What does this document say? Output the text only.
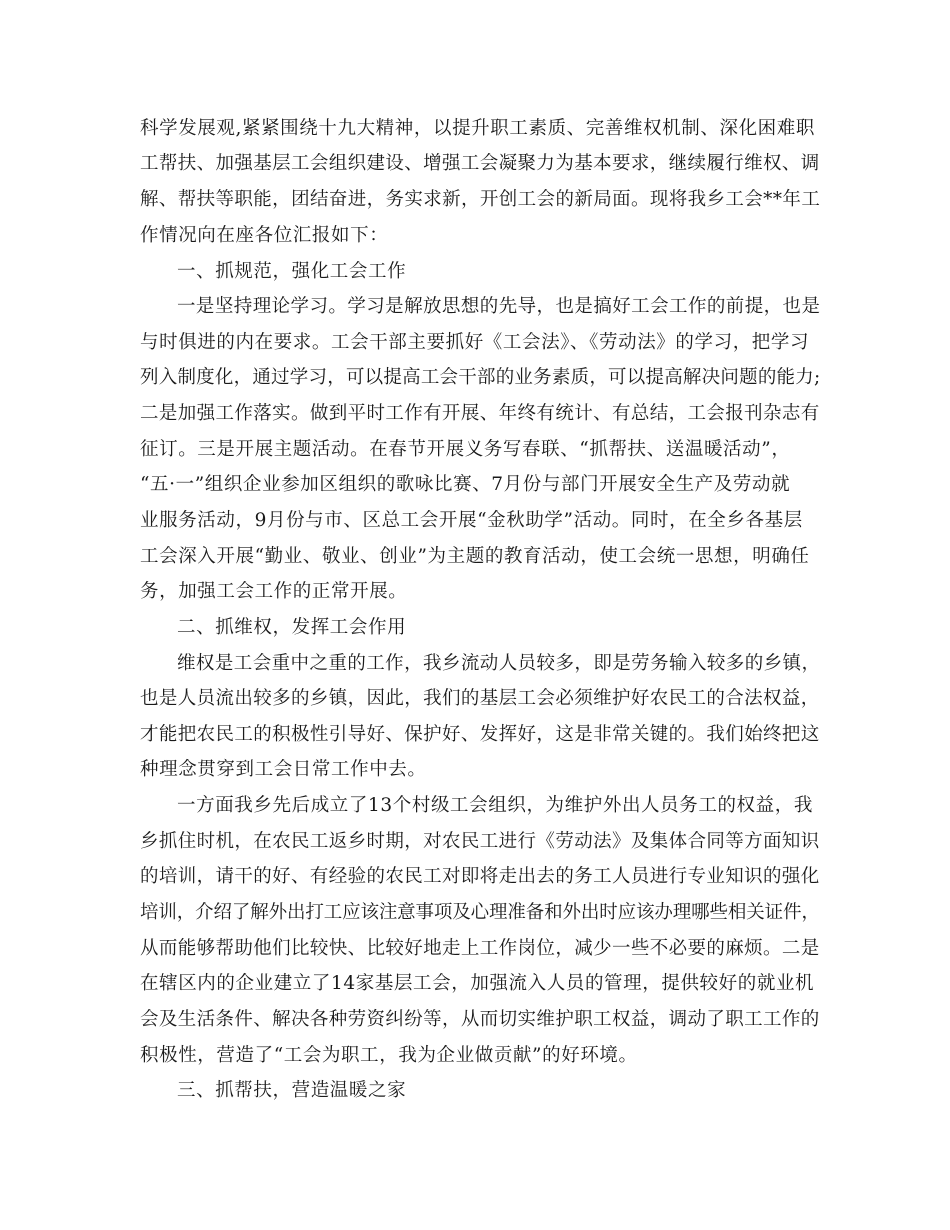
科学发展观,紧紧围绕十九大精神，以提升职工素质、完善维权机制、深化困难职
工帮扶、加强基层工会组织建设、增强工会凝聚力为基本要求，继续履行维权、调
解、帮扶等职能，团结奋进，务实求新，开创工会的新局面。现将我乡工会**年工
作情况向在座各位汇报如下：
一、抓规范，强化工会工作
一是坚持理论学习。学习是解放思想的先导，也是搞好工会工作的前提，也是
与时俱进的内在要求。工会干部主要抓好《工会法》、《劳动法》的学习，把学习
列入制度化，通过学习，可以提高工会干部的业务素质，可以提高解决问题的能力;
二是加强工作落实。做到平时工作有开展、年终有统计、有总结，工会报刊杂志有
征订。三是开展主题活动。在春节开展义务写春联、“抓帮扶、送温暖活动”，
“五·一”组织企业参加区组织的歌咏比赛、7月份与部门开展安全生产及劳动就
业服务活动，9月份与市、区总工会开展“金秋助学”活动。同时，在全乡各基层
工会深入开展“勤业、敬业、创业”为主题的教育活动，使工会统一思想，明确任
务，加强工会工作的正常开展。
二、抓维权，发挥工会作用
维权是工会重中之重的工作，我乡流动人员较多，即是劳务输入较多的乡镇，
也是人员流出较多的乡镇，因此，我们的基层工会必须维护好农民工的合法权益，
才能把农民工的积极性引导好、保护好、发挥好，这是非常关键的。我们始终把这
种理念贯穿到工会日常工作中去。
一方面我乡先后成立了13个村级工会组织，为维护外出人员务工的权益，我
乡抓住时机，在农民工返乡时期，对农民工进行《劳动法》及集体合同等方面知识
的培训，请干的好、有经验的农民工对即将走出去的务工人员进行专业知识的强化
培训，介绍了解外出打工应该注意事项及心理准备和外出时应该办理哪些相关证件，
从而能够帮助他们比较快、比较好地走上工作岗位，减少一些不必要的麻烦。二是
在辖区内的企业建立了14家基层工会，加强流入人员的管理，提供较好的就业机
会及生活条件、解决各种劳资纠纷等，从而切实维护职工权益，调动了职工工作的
积极性，营造了“工会为职工，我为企业做贡献”的好环境。
三、抓帮扶，营造温暖之家
